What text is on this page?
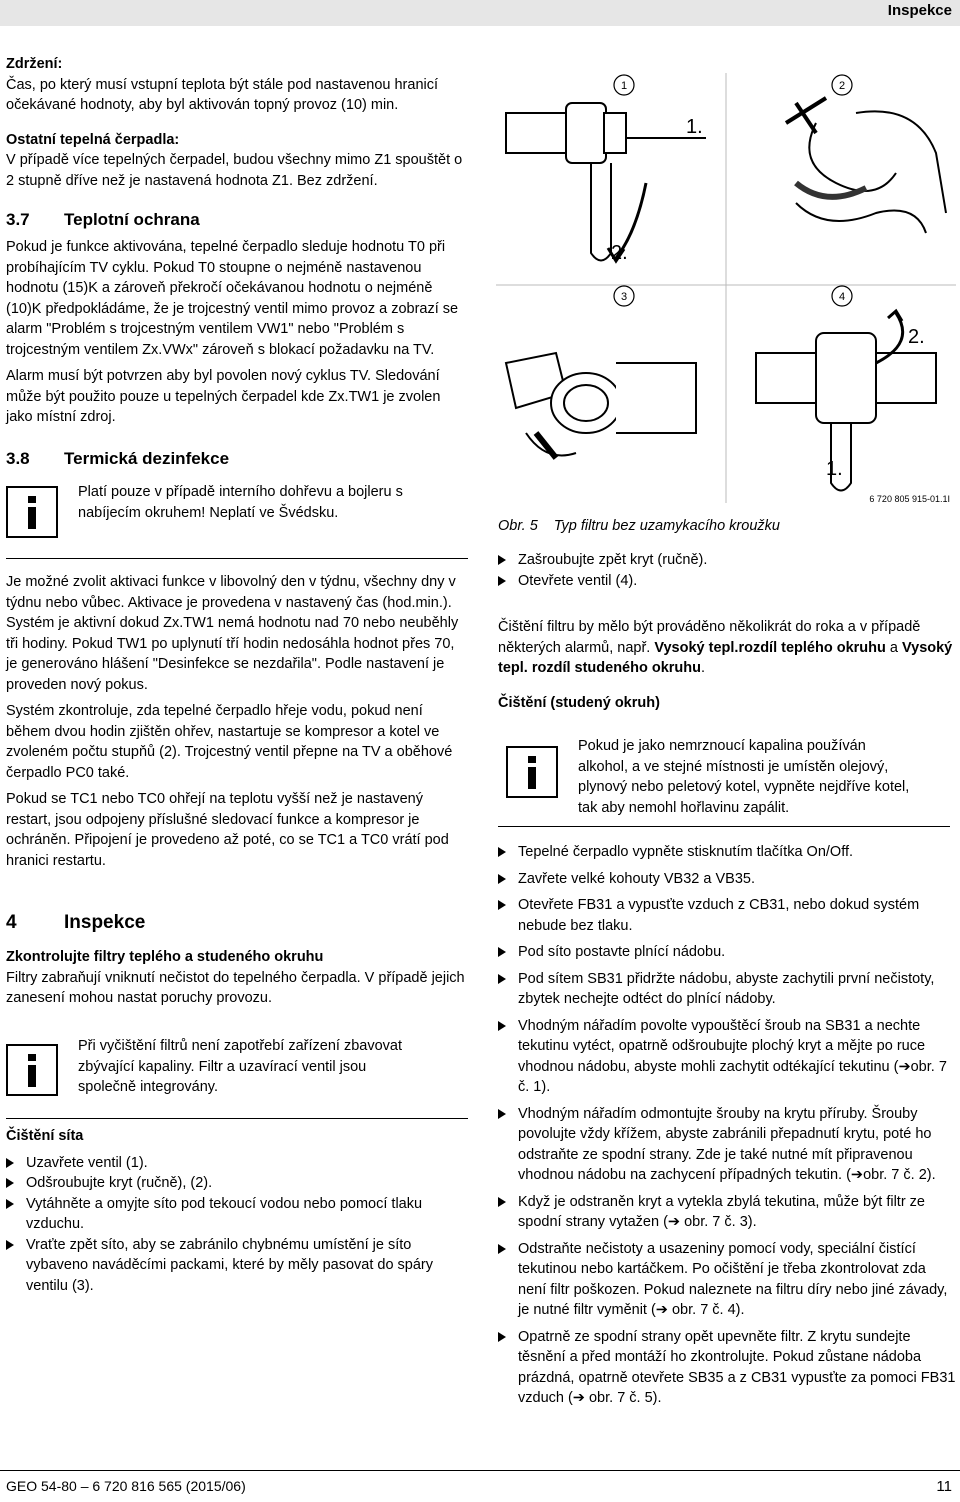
Inspekce

Zdržení:

Čas, po který musí vstupní teplota být stále pod nastavenou hranicí očekávané hodnoty, aby byl aktivován topný provoz (10) min.

Ostatní tepelná čerpadla:

V případě více tepelných čerpadel, budou všechny mimo Z1 spouštět o 2 stupně dříve než je nastavená hodnota Z1. Bez zdržení.

3.7 Teplotní ochrana

Pokud je funkce aktivována, tepelné čerpadlo sleduje hodnotu T0 při probíhajícím TV cyklu. Pokud T0 stoupne o nejméně nastavenou hodnotu (15)K a zároveň překročí očekávanou hodnotu o nejméně (10)K předpokládáme, že je trojcestný ventil mimo provoz a zobrazí se alarm "Problém s trojcestným ventilem VW1" nebo "Problém s trojcestným ventilem Zx.VWx" zároveň s blokací požadavku na TV.

Alarm musí být potvrzen aby byl povolen nový cyklus TV. Sledování může být použito pouze u tepelných čerpadel kde Zx.TW1 je zvolen jako místní zdroj.

3.8 Termická dezinfekce
Platí pouze v případě interního dohřevu a bojleru s nabíjecím okruhem! Neplatí ve Švédsku.

Je možné zvolit aktivaci funkce v libovolný den v týdnu, všechny dny v týdnu nebo vůbec. Aktivace je provedena v nastavený čas (hod.min.). Systém je aktivní dokud Zx.TW1 nemá hodnotu nad 70 nebo neuběhly tři hodiny. Pokud TW1 po uplynutí tří hodin nedosáhla hodnot přes 70, je generováno hlášení "Desinfekce se nezdařila". Podle nastavení je proveden nový pokus.

Systém zkontroluje, zda tepelné čerpadlo hřeje vodu, pokud není během dvou hodin zjištěn ohřev, nastartuje se kompresor a kotel ve zvoleném počtu stupňů (2). Trojcestný ventil přepne na TV a oběhové čerpadlo PC0 také.

Pokud se TC1 nebo TC0 ohřejí na teplotu vyšší než je nastavený restart, jsou odpojeny příslušné sledovací funkce a kompresor je ochráněn. Připojení je provedeno až poté, co se TC1 a TC0 vrátí pod hranici restartu.

4 Inspekce

Zkontrolujte filtry teplého a studeného okruhu

Filtry zabraňují vniknutí nečistot do tepelného čerpadla. V případě jejich zanesení mohou nastat poruchy provozu.

Při vyčištění filtrů není zapotřebí zařízení zbavovat zbývající kapaliny. Filtr a uzavírací ventil jsou společně integrovány.

Čištění síta

Uzavřete ventil (1).
Odšroubujte kryt (ručně), (2).
Vytáhněte a omyjte síto pod tekoucí vodou nebo pomocí tlaku vzduchu.
Vraťte zpět síto, aby se zabránilo chybnému umístění je síto vybaveno naváděcími packami, které by měly pasovat do spáry ventilu (3).
1	2
3	4
1.
2.
2.
1.
6 720 805 915-01.1I
Obr. 5 Typ filtru bez uzamykacího kroužku
Zašroubujte zpět kryt (ručně).
Otevřete ventil (4).

Čištění filtru by mělo být prováděno několikrát do roka a v případě některých alarmů, např. Vysoký tepl.rozdíl teplého okruhu a Vysoký tepl. rozdíl studeného okruhu.

Čištění (studený okruh)

Pokud je jako nemrznoucí kapalina používán alkohol, a ve stejné místnosti je umístěn olejový, plynový nebo peletový kotel, vypněte nejdříve kotel, tak aby nemohl hořlavinu zapálit.
Tepelné čerpadlo vypněte stisknutím tlačítka On/Off.
Zavřete velké kohouty VB32 a VB35.
Otevřete FB31 a vypusťte vzduch z CB31, nebo dokud systém nebude bez tlaku.
Pod síto postavte plnící nádobu.
Pod sítem SB31 přidržte nádobu, abyste zachytili první nečistoty, zbytek nechejte odtéct do plnící nádoby.
Vhodným nářadím povolte vypouštěcí šroub na SB31 a nechte tekutinu vytéct, opatrně odšroubujte plochý kryt a mějte po ruce vhodnou nádobu, abyste mohli zachytit odtékající tekutinu (➔obr. 7 č. 1).
Vhodným nářadím odmontujte šrouby na krytu příruby. Šrouby povolujte vždy křížem, abyste zabránili přepadnutí krytu, poté ho odstraňte ze spodní strany. Zde je také nutné mít připravenou vhodnou nádobu na zachycení případných tekutin. (➔obr. 7 č. 2).
Když je odstraněn kryt a vytekla zbylá tekutina, může být filtr ze spodní strany vytažen (➔ obr. 7 č. 3).
Odstraňte nečistoty a usazeniny pomocí vody, speciální čistící tekutinou nebo kartáčkem. Po očištění je třeba zkontrolovat zda není filtr poškozen. Pokud naleznete na filtru díry nebo jiné závady, je nutné filtr vyměnit (➔ obr. 7 č. 4).
Opatrně ze spodní strany opět upevněte filtr. Z krytu sundejte těsnění a před montáží ho zkontrolujte. Pokud zůstane nádoba prázdná, opatrně otevřete SB35 a z CB31 vypusťte za pomoci FB31 vzduch (➔ obr. 7 č. 5).
GEO 54-80 – 6 720 816 565 (2015/06)	11
